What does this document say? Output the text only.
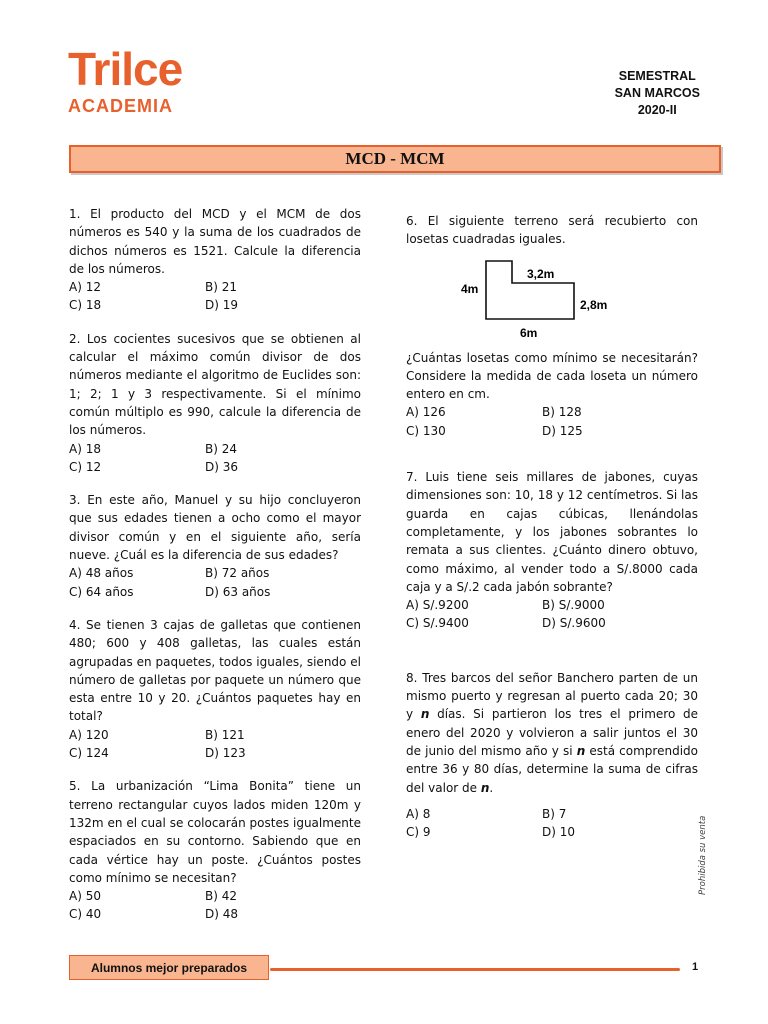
Trilce
ACADEMIA
SEMESTRAL
SAN MARCOS
2020-II
MCD - MCM
1. El producto del MCD y el MCM de dos números es 540 y la suma de los cuadrados de dichos números es 1521. Calcule la diferencia de los números.
A) 12	B) 21
C) 18	D) 19
2. Los cocientes sucesivos que se obtienen al calcular el máximo común divisor de dos números mediante el algoritmo de Euclides son: 1; 2; 1 y 3 respectivamente. Si el mínimo común múltiplo es 990, calcule la diferencia de los números.
A) 18	B) 24
C) 12	D) 36
3. En este año, Manuel y su hijo concluyeron que sus edades tienen a ocho como el mayor divisor común y en el siguiente año, sería nueve. ¿Cuál es la diferencia de sus edades?
A) 48 años	B) 72 años
C) 64 años	D) 63 años
4. Se tienen 3 cajas de galletas que contienen 480; 600 y 408 galletas, las cuales están agrupadas en paquetes, todos iguales, siendo el número de galletas por paquete un número que esta entre 10 y 20. ¿Cuántos paquetes hay en total?
A) 120	B) 121
C) 124	D) 123
5. La urbanización “Lima Bonita” tiene un terreno rectangular cuyos lados miden 120m y 132m en el cual se colocarán postes igualmente espaciados en su contorno. Sabiendo que en cada vértice hay un poste. ¿Cuántos postes como mínimo se necesitan?
A) 50	B) 42
C) 40	D) 48
6. El siguiente terreno será recubierto con losetas cuadradas iguales.
4m
3,2m
2,8m
6m
¿Cuántas losetas como mínimo se necesitarán? Considere la medida de cada loseta un número entero en cm.
A) 126	B) 128
C) 130	D) 125
7. Luis tiene seis millares de jabones, cuyas dimensiones son: 10, 18 y 12 centímetros. Si las guarda en cajas cúbicas, llenándolas completamente, y los jabones sobrantes lo remata a sus clientes. ¿Cuánto dinero obtuvo, como máximo, al vender todo a S/.8000 cada caja y a S/.2 cada jabón sobrante?
A) S/.9200	B) S/.9000
C) S/.9400	D) S/.9600
8. Tres barcos del señor Banchero parten de un mismo puerto y regresan al puerto cada 20; 30 y n días. Si partieron los tres el primero de enero del 2020 y volvieron a salir juntos el 30 de junio del mismo año y si n está comprendido entre 36 y 80 días, determine la suma de cifras del valor de n.
A) 8	B) 7
C) 9	D) 10	Prohibida su venta
Alumnos mejor preparados	1
